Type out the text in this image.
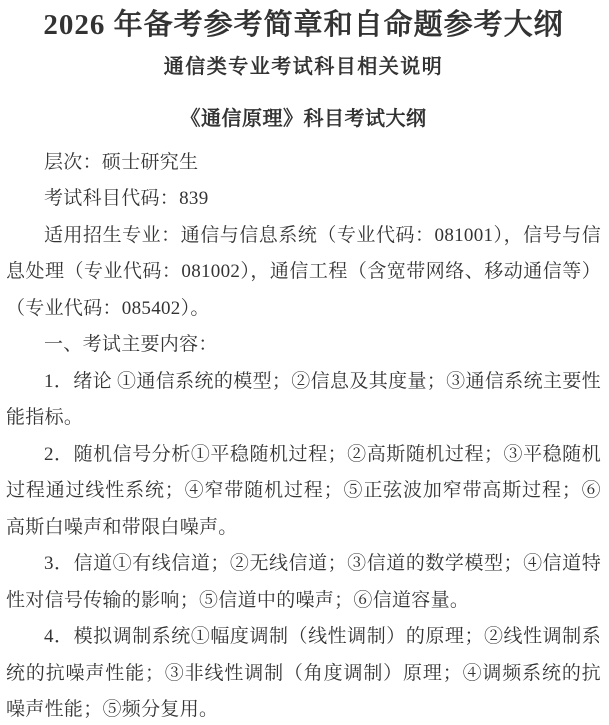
2026 年备考参考简章和自命题参考大纲
通信类专业考试科目相关说明
《通信原理》科目考试大纲

层次：硕士研究生

考试科目代码：839

适用招生专业：通信与信息系统（专业代码：081001），信号与信息处理（专业代码：081002），通信工程（含宽带网络、移动通信等）（专业代码：085402）。

一、考试主要内容：

1．绪论 ①通信系统的模型；②信息及其度量；③通信系统主要性能指标。

2．随机信号分析①平稳随机过程；②高斯随机过程；③平稳随机过程通过线性系统；④窄带随机过程；⑤正弦波加窄带高斯过程；⑥高斯白噪声和带限白噪声。

3．信道①有线信道；②无线信道；③信道的数学模型；④信道特性对信号传输的影响；⑤信道中的噪声；⑥信道容量。

4．模拟调制系统①幅度调制（线性调制）的原理；②线性调制系统的抗噪声性能；③非线性调制（角度调制）原理；④调频系统的抗噪声性能；⑤频分复用。
